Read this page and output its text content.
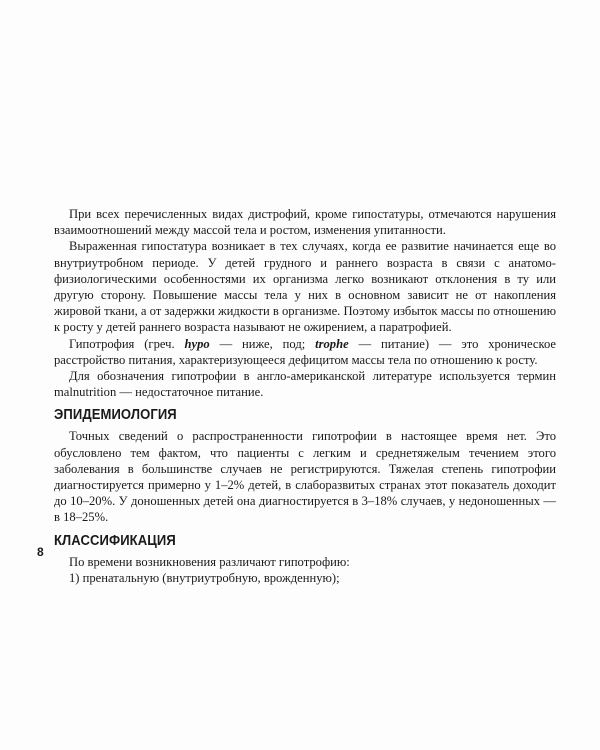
При всех перечисленных видах дистрофий, кроме гипостатуры, отмечаются нарушения взаимоотношений между массой тела и ростом, изменения упитанности.

Выраженная гипостатура возникает в тех случаях, когда ее развитие начинается еще во внутриутробном периоде. У детей грудного и раннего возраста в связи с анатомо-физиологическими особенностями их организма легко возникают отклонения в ту или другую сторону. Повышение массы тела у них в основном зависит не от накопления жировой ткани, а от задержки жидкости в организме. Поэтому избыток массы по отношению к росту у детей раннего возраста называют не ожирением, а паратрофией.

Гипотрофия (греч. hypo — ниже, под; trophe — питание) — это хроническое расстройство питания, характеризующееся дефицитом массы тела по отношению к росту.

Для обозначения гипотрофии в англо-американской литературе используется термин malnutrition — недостаточное питание.

ЭПИДЕМИОЛОГИЯ

Точных сведений о распространенности гипотрофии в настоящее время нет. Это обусловлено тем фактом, что пациенты с легким и среднетяжелым течением этого заболевания в большинстве случаев не регистрируются. Тяжелая степень гипотрофии диагностируется примерно у 1–2% детей, в слаборазвитых странах этот показатель доходит до 10–20%. У доношенных детей она диагностируется в 3–18% случаев, у недоношенных — в 18–25%.

КЛАССИФИКАЦИЯ

По времени возникновения различают гипотрофию:

1) пренатальную (внутриутробную, врожденную);

8
